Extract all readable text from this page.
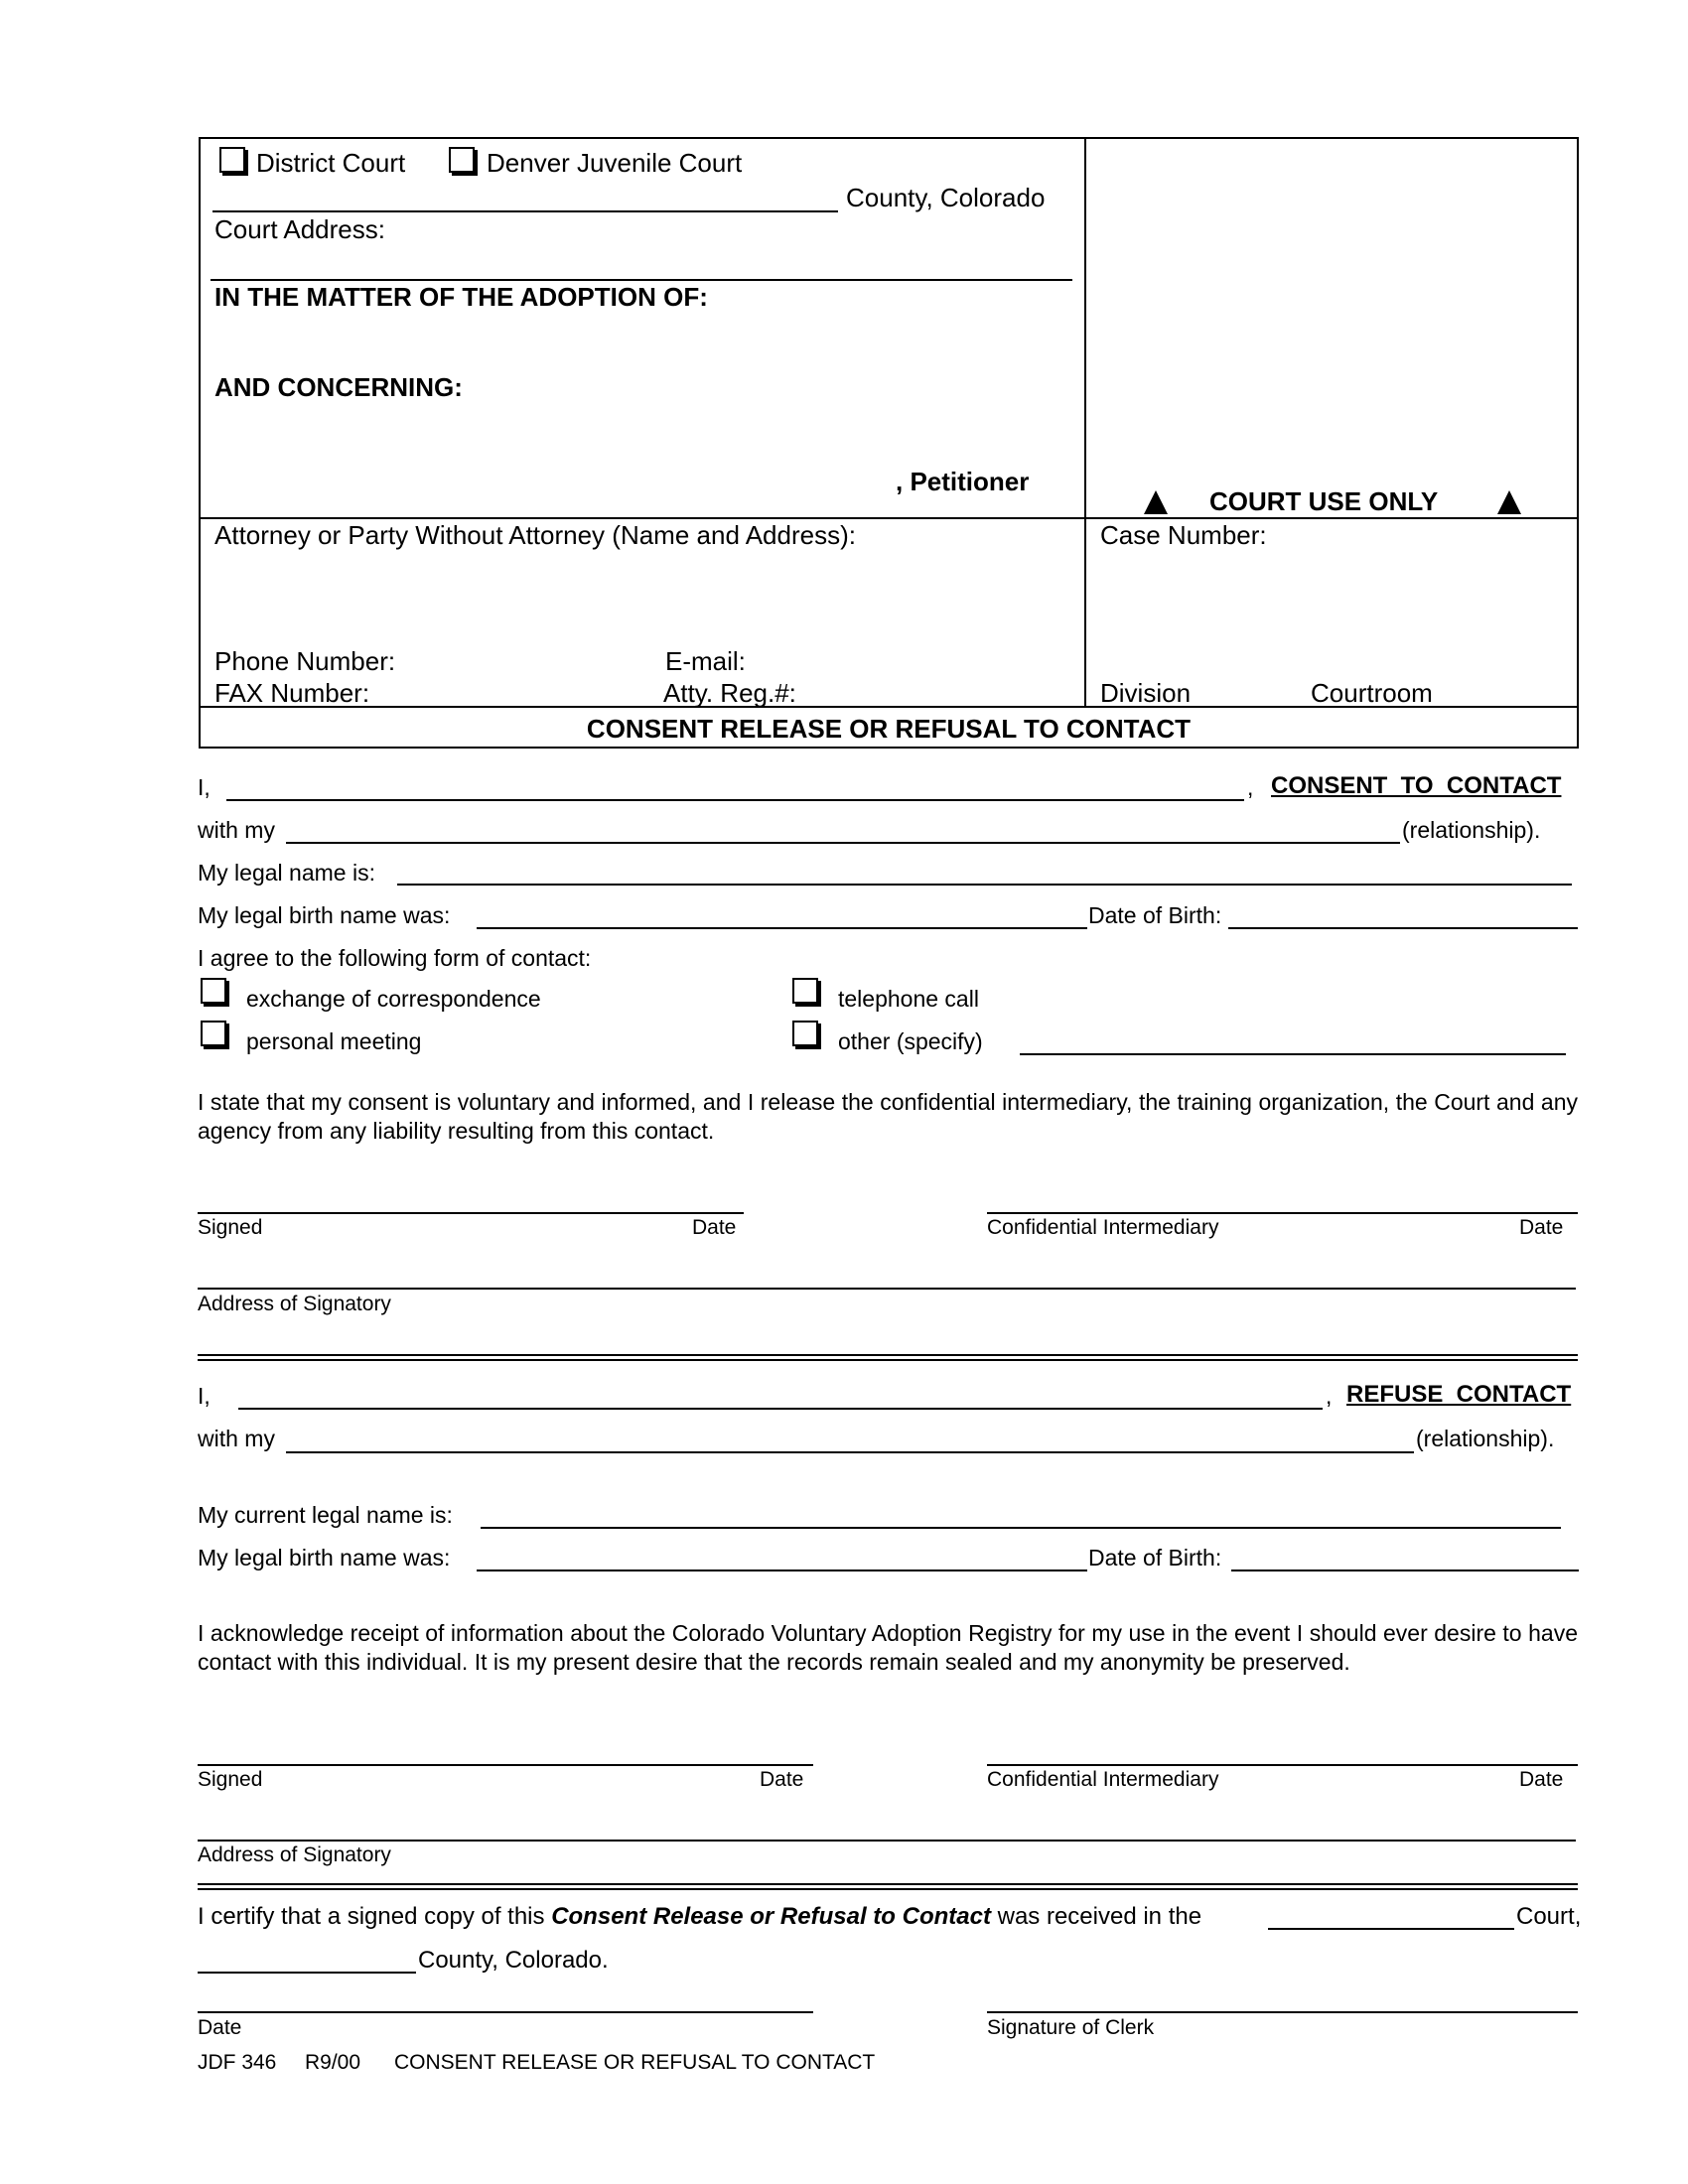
District Court	Denver Juvenile Court
County, Colorado
Court Address:
IN THE MATTER OF THE ADOPTION OF:
AND CONCERNING:
, Petitioner
COURT USE ONLY
Attorney or Party Without Attorney (Name and Address):
Phone Number:	E-mail:
FAX Number:	Atty. Reg.#:
Case Number:
Division	Courtroom
CONSENT RELEASE OR REFUSAL TO CONTACT
I,	, CONSENT  TO  CONTACT
with my	(relationship).
My legal name is:
My legal birth name was:	Date of Birth:
I agree to the following form of contact:
exchange of correspondence	telephone call
personal meeting	other (specify)
I state that my consent is voluntary and informed, and I release the confidential intermediary, the training organization, the Court and any agency from any liability resulting from this contact.
Signed	Date	Confidential Intermediary	Date
Address of Signatory
I,	, REFUSE  CONTACT
with my	(relationship).
My current legal name is:
My legal birth name was:	Date of Birth:
I acknowledge receipt of information about the Colorado Voluntary Adoption Registry for my use in the event I should ever desire to have contact with this individual. It is my present desire that the records remain sealed and my anonymity be preserved.
Signed	Date	Confidential Intermediary	Date
Address of Signatory
I certify that a signed copy of this Consent Release or Refusal to Contact was received in the	Court,
County, Colorado.
Date	Signature of Clerk
JDF 346 R9/00 CONSENT RELEASE OR REFUSAL TO CONTACT
